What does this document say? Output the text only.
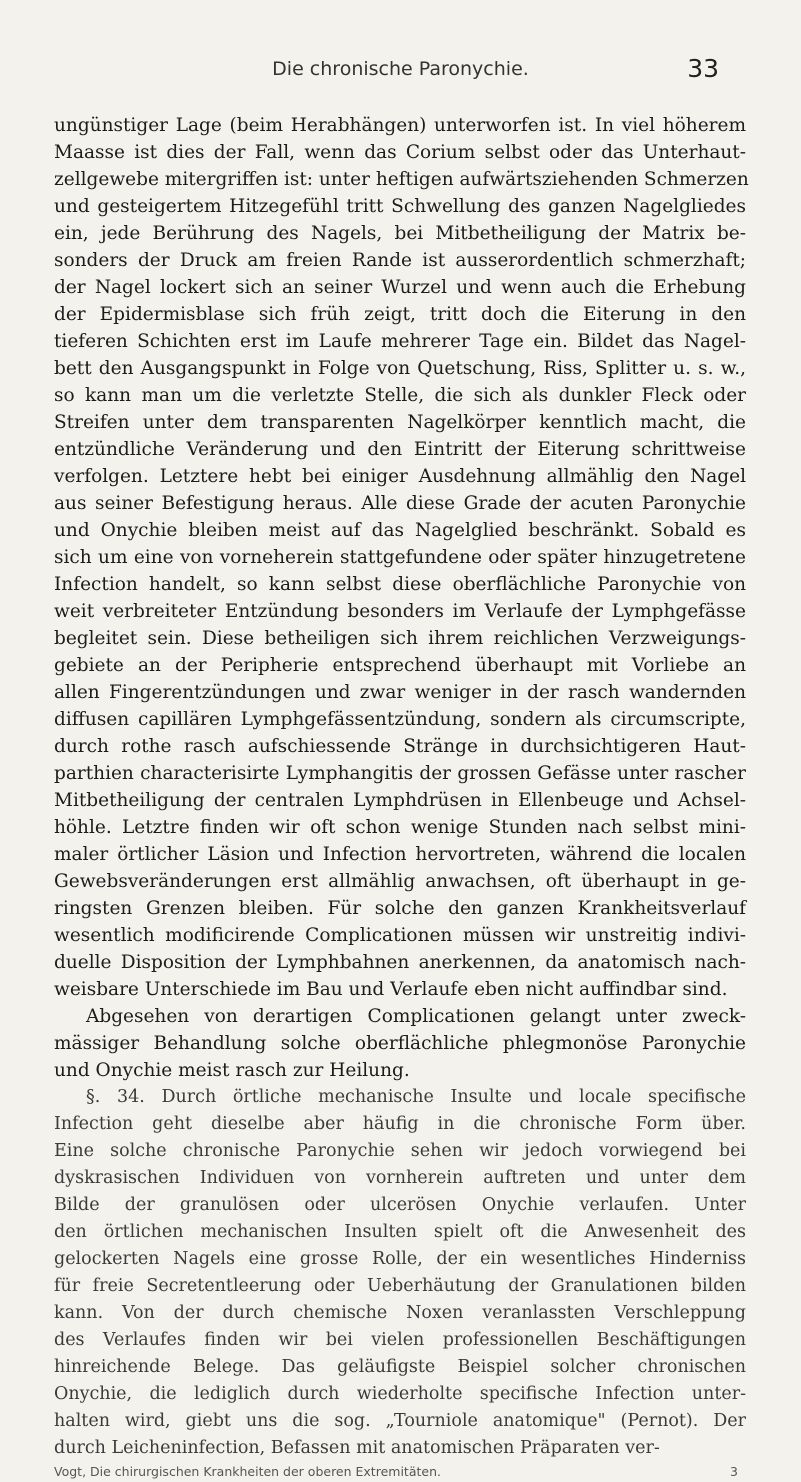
Die chronische Paronychie.	33
ungünstiger Lage (beim Herabhängen) unterworfen ist. In viel höherem
Maasse ist dies der Fall, wenn das Corium selbst oder das Unterhaut-
zellgewebe mitergriffen ist: unter heftigen aufwärtsziehenden Schmerzen
und gesteigertem Hitzegefühl tritt Schwellung des ganzen Nagelgliedes
ein, jede Berührung des Nagels, bei Mitbetheiligung der Matrix be-
sonders der Druck am freien Rande ist ausserordentlich schmerzhaft;
der Nagel lockert sich an seiner Wurzel und wenn auch die Erhebung
der Epidermisblase sich früh zeigt, tritt doch die Eiterung in den
tieferen Schichten erst im Laufe mehrerer Tage ein. Bildet das Nagel-
bett den Ausgangspunkt in Folge von Quetschung, Riss, Splitter u. s. w.,
so kann man um die verletzte Stelle, die sich als dunkler Fleck oder
Streifen unter dem transparenten Nagelkörper kenntlich macht, die
entzündliche Veränderung und den Eintritt der Eiterung schrittweise
verfolgen. Letztere hebt bei einiger Ausdehnung allmählig den Nagel
aus seiner Befestigung heraus. Alle diese Grade der acuten Paronychie
und Onychie bleiben meist auf das Nagelglied beschränkt. Sobald es
sich um eine von vorneherein stattgefundene oder später hinzugetretene
Infection handelt, so kann selbst diese oberflächliche Paronychie von
weit verbreiteter Entzündung besonders im Verlaufe der Lymphgefässe
begleitet sein. Diese betheiligen sich ihrem reichlichen Verzweigungs-
gebiete an der Peripherie entsprechend überhaupt mit Vorliebe an
allen Fingerentzündungen und zwar weniger in der rasch wandernden
diffusen capillären Lymphgefässentzündung, sondern als circumscripte,
durch rothe rasch aufschiessende Stränge in durchsichtigeren Haut-
parthien characterisirte Lymphangitis der grossen Gefässe unter rascher
Mitbetheiligung der centralen Lymphdrüsen in Ellenbeuge und Achsel-
höhle. Letztre finden wir oft schon wenige Stunden nach selbst mini-
maler örtlicher Läsion und Infection hervortreten, während die localen
Gewebsveränderungen erst allmählig anwachsen, oft überhaupt in ge-
ringsten Grenzen bleiben. Für solche den ganzen Krankheitsverlauf
wesentlich modificirende Complicationen müssen wir unstreitig indivi-
duelle Disposition der Lymphbahnen anerkennen, da anatomisch nach-
weisbare Unterschiede im Bau und Verlaufe eben nicht auffindbar sind.
Abgesehen von derartigen Complicationen gelangt unter zweck-
mässiger Behandlung solche oberflächliche phlegmonöse Paronychie
und Onychie meist rasch zur Heilung.
§. 34. Durch örtliche mechanische Insulte und locale specifische
Infection geht dieselbe aber häufig in die chronische Form über.
Eine solche chronische Paronychie sehen wir jedoch vorwiegend bei
dyskrasischen Individuen von vornherein auftreten und unter dem
Bilde der granulösen oder ulcerösen Onychie verlaufen. Unter
den örtlichen mechanischen Insulten spielt oft die Anwesenheit des
gelockerten Nagels eine grosse Rolle, der ein wesentliches Hinderniss
für freie Secretentleerung oder Ueberhäutung der Granulationen bilden
kann. Von der durch chemische Noxen veranlassten Verschleppung
des Verlaufes finden wir bei vielen professionellen Beschäftigungen
hinreichende Belege. Das geläufigste Beispiel solcher chronischen
Onychie, die lediglich durch wiederholte specifische Infection unter-
halten wird, giebt uns die sog. „Tourniole anatomique" (Pernot). Der
durch Leicheninfection, Befassen mit anatomischen Präparaten ver-
Vogt, Die chirurgischen Krankheiten der oberen Extremitäten.	3
